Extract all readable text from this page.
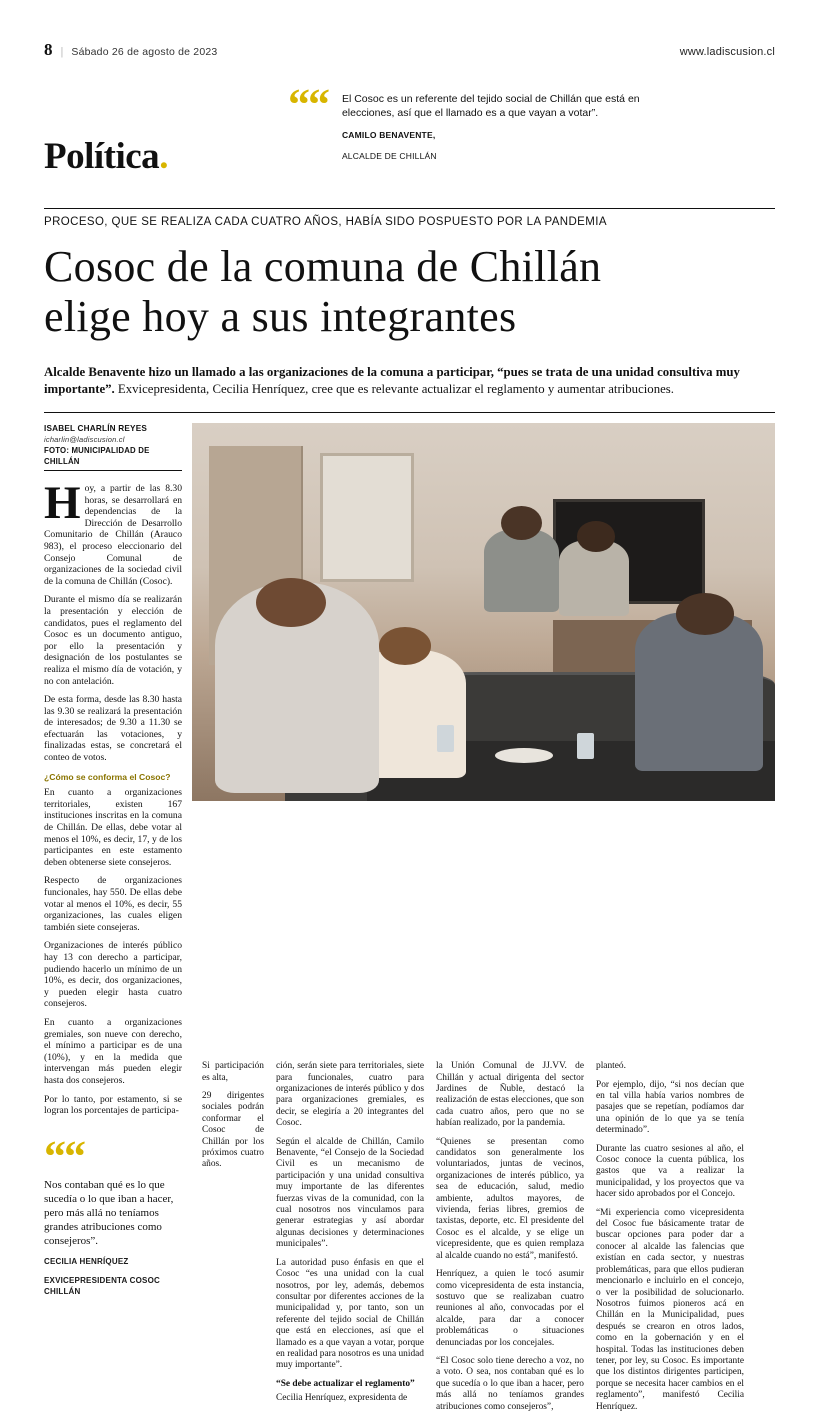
8 | Sábado 26 de agosto de 2023	www.ladiscusion.cl
Política.
““ El Cosoc es un referente del tejido social de Chillán que está en elecciones, así que el llamado es a que vayan a votar”.
CAMILO BENAVENTE,
ALCALDE DE CHILLÁN
PROCESO, QUE SE REALIZA CADA CUATRO AÑOS, HABÍA SIDO POSPUESTO POR LA PANDEMIA
Cosoc de la comuna de Chillán
elige hoy a sus integrantes
Alcalde Benavente hizo un llamado a las organizaciones de la comuna a participar, “pues se trata de una unidad consultiva muy importante”. Exvicepresidenta, Cecilia Henríquez, cree que es relevante actualizar el reglamento y aumentar atribuciones.
ISABEL CHARLÍN REYES
icharlin@ladiscusion.cl
FOTO: MUNICIPALIDAD DE CHILLÁN

Hoy, a partir de las 8.30 horas, se desarrollará en dependencias de la Dirección de Desarrollo Comunitario de Chillán (Arauco 983), el proceso eleccionario del Consejo Comunal de organizaciones de la sociedad civil de la comuna de Chillán (Cosoc).

Durante el mismo día se realizarán la presentación y elección de candidatos, pues el reglamento del Cosoc es un documento antiguo, por ello la presentación y designación de los postulantes se realiza el mismo día de votación, y no con antelación.

De esta forma, desde las 8.30 hasta las 9.30 se realizará la presentación de interesados; de 9.30 a 11.30 se efectuarán las votaciones, y finalizadas estas, se concretará el conteo de votos.

¿Cómo se conforma el Cosoc?

En cuanto a organizaciones territoriales, existen 167 instituciones inscritas en la comuna de Chillán. De ellas, debe votar al menos el 10%, es decir, 17, y de los participantes en este estamento deben obtenerse siete consejeros.

Respecto de organizaciones funcionales, hay 550. De ellas debe votar al menos el 10%, es decir, 55 organizaciones, las cuales eligen también siete consejeras.

Organizaciones de interés público hay 13 con derecho a participar, pudiendo hacerlo un mínimo de un 10%, es decir, dos organizaciones, y pueden elegir hasta cuatro consejeros.

En cuanto a organizaciones gremiales, son nueve con derecho, el mínimo a participar es de una (10%), y en la medida que intervengan más pueden elegir hasta dos consejeros.

Por lo tanto, por estamento, si se logran los porcentajes de participa-

““
Nos contaban qué es lo que sucedía o lo que iban a hacer, pero más allá no teníamos grandes atribuciones como consejeros”.
CECILIA HENRÍQUEZ
EXVICEPRESIDENTA COSOC CHILLÁN

Si participación es alta,

29 dirigentes sociales podrán conformar el Cosoc de Chillán por los próximos cuatro años.

ción, serán siete para territoriales, siete para funcionales, cuatro para organizaciones de interés público y dos para organizaciones gremiales, es decir, se elegiría a 20 integrantes del Cosoc.

Según el alcalde de Chillán, Camilo Benavente, “el Consejo de la Sociedad Civil es un mecanismo de participación y una unidad consultiva muy importante de las diferentes fuerzas vivas de la comunidad, con la cual nosotros nos vinculamos para generar estrategias y así abordar algunas decisiones y determinaciones municipales”.

La autoridad puso énfasis en que el Cosoc “es una unidad con la cual nosotros, por ley, además, debemos consultar por diferentes acciones de la municipalidad y, por tanto, son un referente del tejido social de Chillán que está en elecciones, así que el llamado es a que vayan a votar, porque en realidad para nosotros es una unidad muy importante”.

“Se debe actualizar el reglamento”

Cecilia Henríquez, expresidenta de

la Unión Comunal de JJ.VV. de Chillán y actual dirigenta del sector Jardines de Ñuble, destacó la realización de estas elecciones, que son cada cuatro años, pero que no se habían realizado, por la pandemia.

“Quienes se presentan como candidatos son generalmente los voluntariados, juntas de vecinos, organizaciones de interés público, ya sea de educación, salud, medio ambiente, adultos mayores, de vivienda, ferias libres, gremios de taxistas, deporte, etc. El presidente del Cosoc es el alcalde, y se elige un vicepresidente, que es quien remplaza al alcalde cuando no está”, manifestó.

Henríquez, a quien le tocó asumir como vicepresidenta de esta instancia, sostuvo que se realizaban cuatro reuniones al año, convocadas por el alcalde, para dar a conocer problemáticas o situaciones denunciadas por los concejales.

“El Cosoc solo tiene derecho a voz, no a voto. O sea, nos contaban qué es lo que sucedía o lo que iban a hacer, pero más allá no teníamos grandes atribuciones como consejeros”,

planteó.

Por ejemplo, dijo, “si nos decían que en tal villa había varios nombres de pasajes que se repetían, podíamos dar una opinión de lo que ya se tenía determinado”.

Durante las cuatro sesiones al año, el Cosoc conoce la cuenta pública, los gastos que va a realizar la municipalidad, y los proyectos que va hacer sido aprobados por el Concejo.

“Mi experiencia como vicepresidenta del Cosoc fue básicamente tratar de buscar opciones para poder dar a conocer al alcalde las falencias que existían en cada sector, y nuestras problemáticas, para que ellos pudieran mencionarlo e incluirlo en el concejo, o ver la posibilidad de solucionarlo. Nosotros fuimos pioneros acá en Chillán en la Municipalidad, pues después se crearon en otros lados, como en la gobernación y en el hospital. Todas las instituciones deben tener, por ley, su Cosoc. Es importante que los distintos dirigentes participen, porque se necesita hacer cambios en el reglamento”, manifestó Cecilia Henríquez.
